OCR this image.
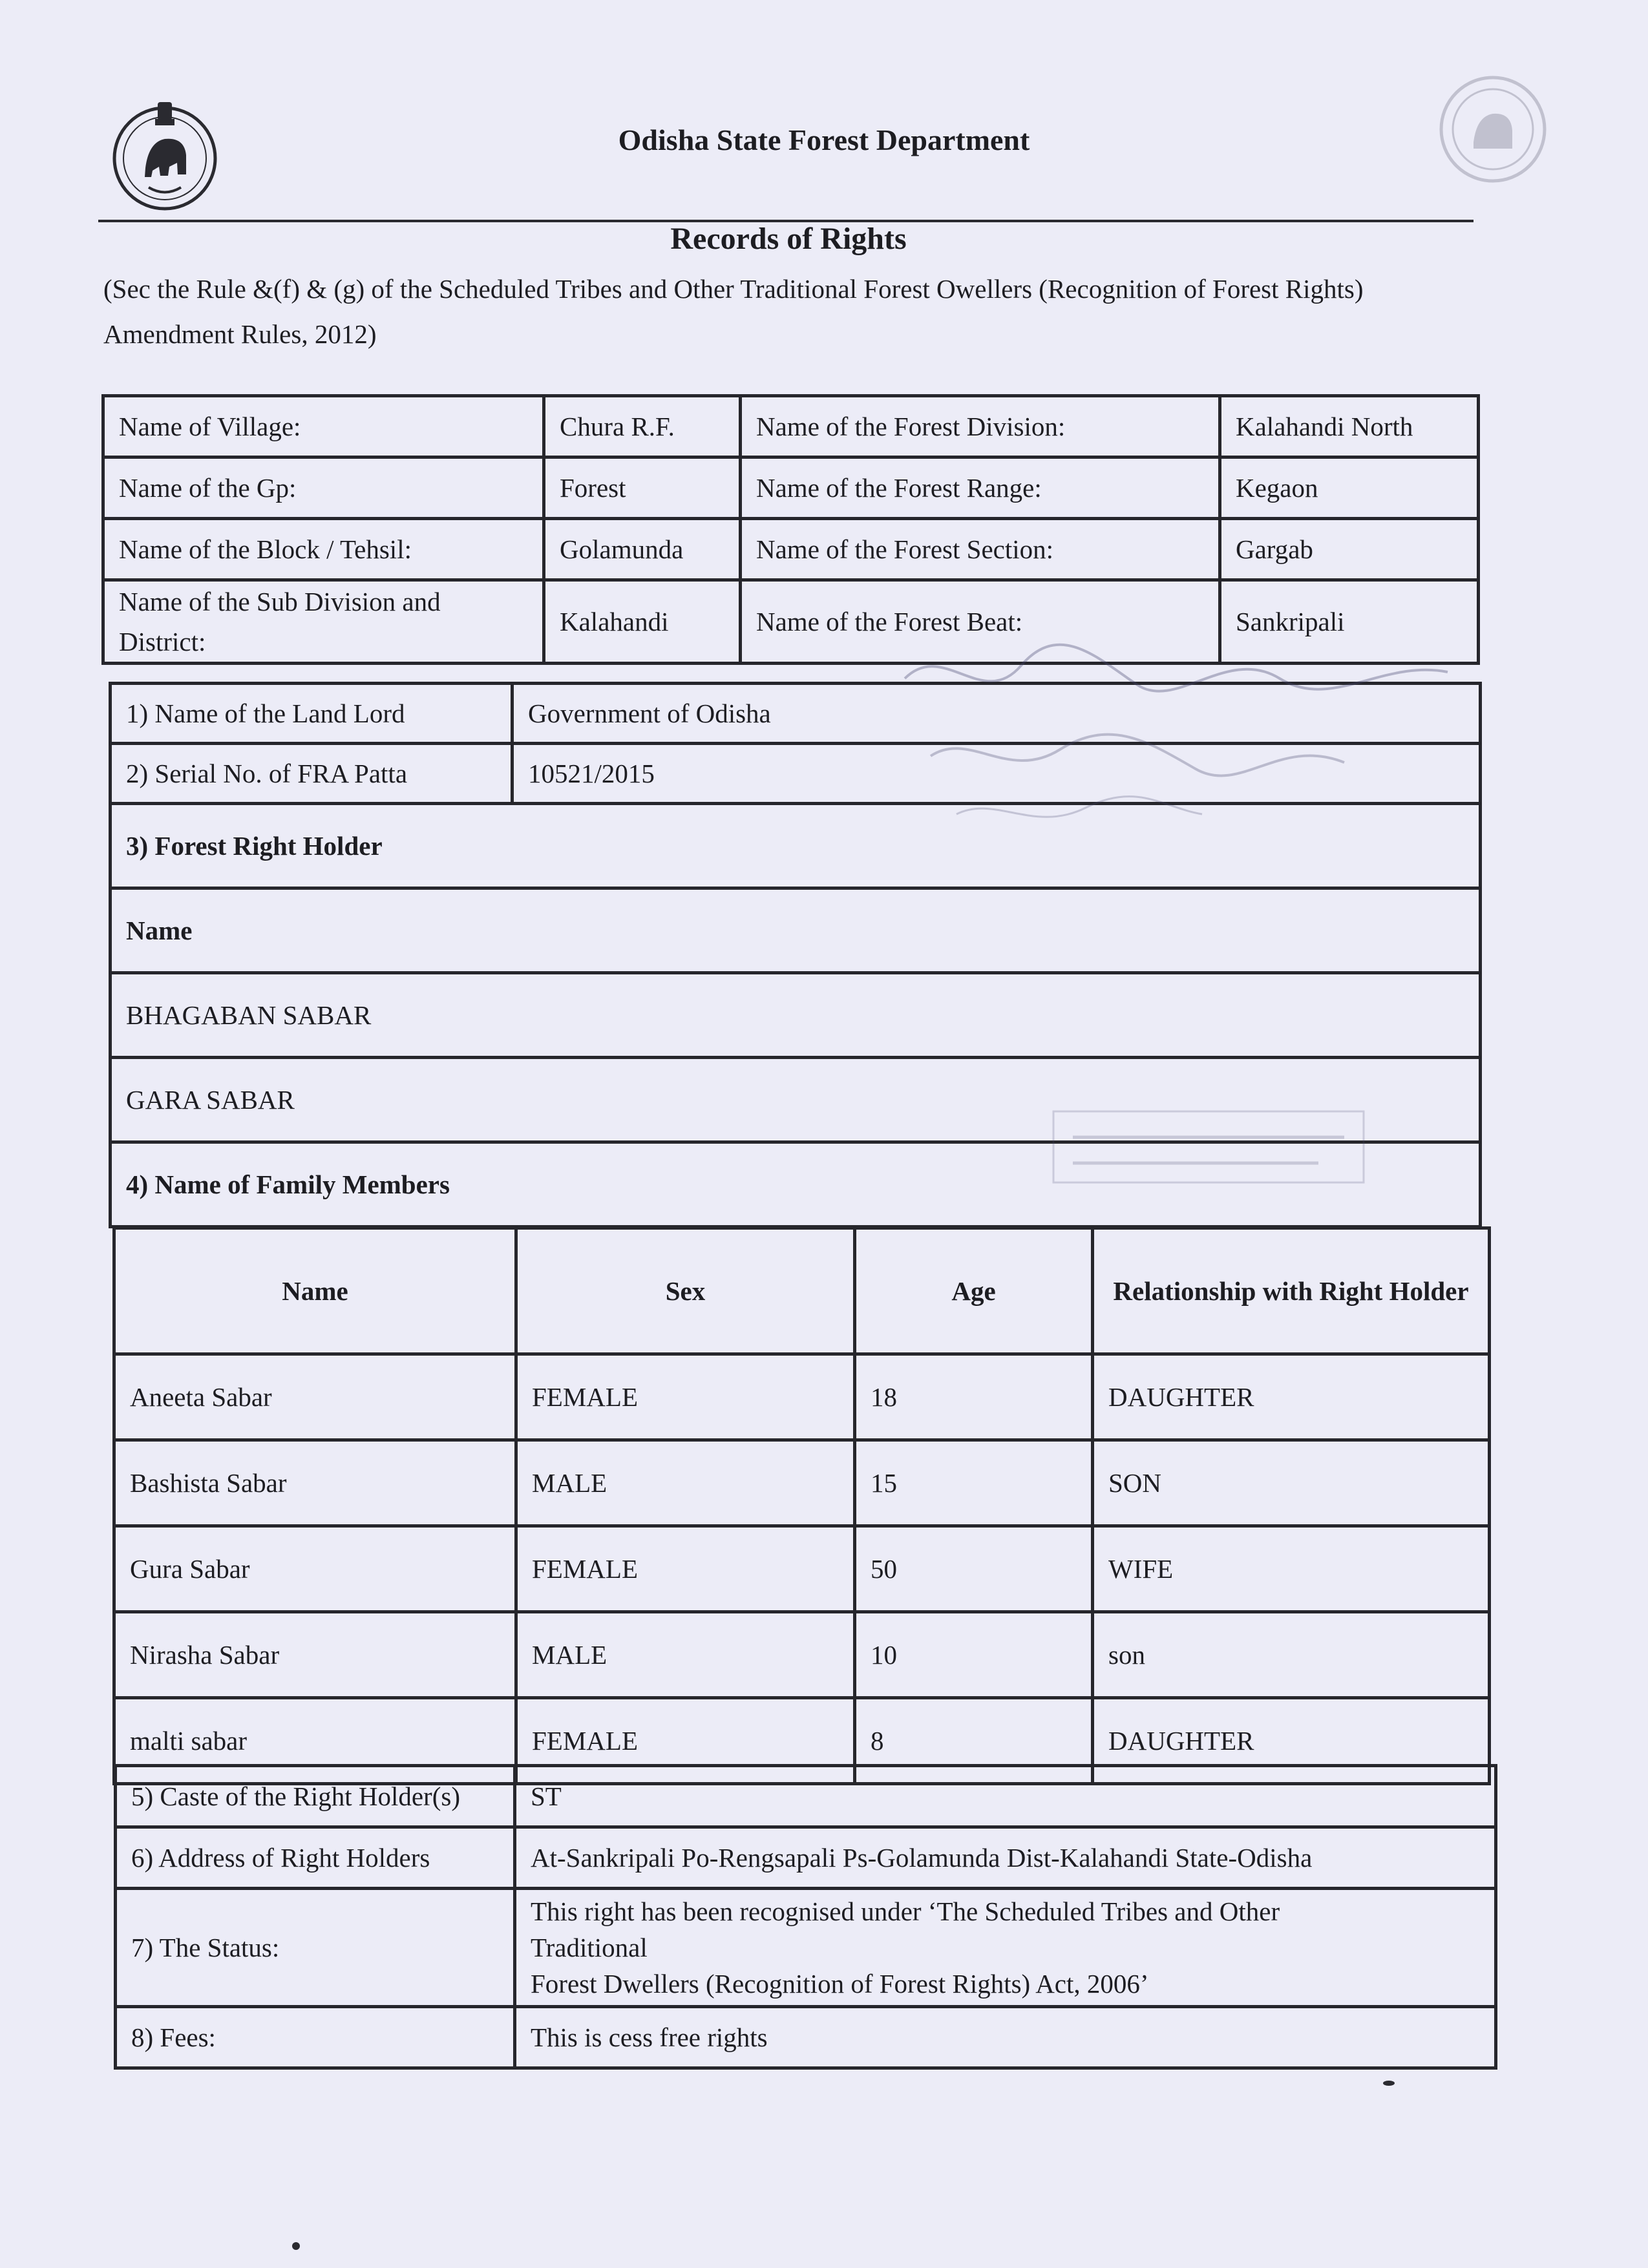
Odisha State Forest Department
Records of Rights
(Sec the Rule &(f) & (g) of the Scheduled Tribes and Other Traditional Forest Owellers (Recognition of Forest Rights) Amendment Rules, 2012)
Name of Village:	Chura R.F.	Name of the Forest Division:	Kalahandi North
Name of the Gp:	Forest	Name of the Forest Range:	Kegaon
Name of the Block / Tehsil:	Golamunda	Name of the Forest Section:	Gargab
Name of the Sub Division and District:	Kalahandi	Name of the Forest Beat:	Sankripali
1) Name of the Land Lord	Government of Odisha
2) Serial No. of FRA Patta	10521/2015
3) Forest Right Holder	
Name	
BHAGABAN SABAR	
GARA SABAR	
4) Name of Family Members	
Name	Sex	Age	Relationship with Right Holder
Aneeta Sabar	FEMALE	18	DAUGHTER
Bashista Sabar	MALE	15	SON
Gura Sabar	FEMALE	50	WIFE
Nirasha Sabar	MALE	10	son
malti sabar	FEMALE	8	DAUGHTER
5) Caste of the Right Holder(s)	ST
6) Address of Right Holders	At-Sankripali Po-Rengsapali Ps-Golamunda Dist-Kalahandi State-Odisha
7) The Status:	This right has been recognised under ‘The Scheduled Tribes and Other
Traditional
Forest Dwellers (Recognition of Forest Rights) Act, 2006’

8) Fees:	This is cess free rights
